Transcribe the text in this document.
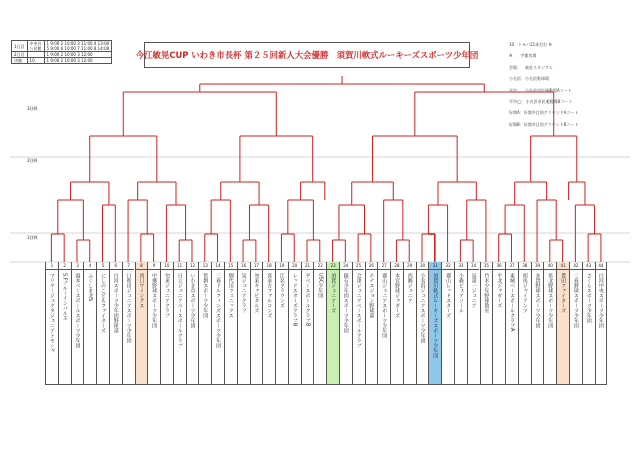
1日目	中央台
公民館	1 9:00 2 10:00 3 11:00 4 13:00
5 9:00 6 10:00 7 11:00 8 14:00
2日目		1 9:00 2 10:00 3 12:00
決勝	10	1 9:00 2 10:00 3 12:00
今江敏晃CUP いわき市長杯 第２５回新人大会優勝　須賀川軟式ルーキーズスポーツ少年団
10：トモバ21本打打 ※
※　：宇都宮場
会場：　東荘スタジアム
小名浜：小名浜野球場
平市：　小名浜市民運動場Aコート
平市◯：小名浜市民運動場Bコート
好間A：好間多目的グラウンドAコート
好間B：好間多目的グラウンドBコート
3回戦
2回戦
1回戦
1
マリヤージェクタジュニアトモシャ
2
S.Fブルーインパルス
3
湯本ベースボールスポーツ少年団
4
ふくしま北S
5
にしのこどもファイターズ
6
白河スポーツ少年団野球部
7
日和田ジュニアスポーツ少年団
8
西口ウイングス
9
中郷野球スポーツ少年団
10
勿来ジュニアクラブ
11
日立ジュニアベースボールクラブ
12
いわき市スポーツ少年団
13
常磐スポーツ少年団
14
三春ドルフィンズスポーツ少年団
15
御代田フェニックス
16
泉ジュニアクラブ
17
勿来キャピタルズ
18
喜多方ファルコンズ
19
江名クラウンズ
20
レッドスターズクラブB
21
平ベースボールクラブB
22
USC少年団
23
須賀ジュニアーズ
24
鏡石少年団スポーツ少年団
25
会津ジュニアベースボールクラブ
26
ホナスジョン野球部
27
郡山ジュニアスポーツ少年団
28
本宮野球ジャガーズ
29
西郷ジュニア
30
小名浜ジュニアスポーツ少年団
31
須賀川軟式ルーキーズスポーツ少年団
32
郡山レッドスターズ
33
小森ピュアソール
34
泉第一ジュニア
35
竹本少年野球教室
36
平北ジャガーズ
37
東城ベースボールクラブA
38
相馬ジャイアンツ
39
多賀野球スポーツ少年団
40
県北野球スポーツ少年団
41
豊田ファイターズ
42
三春野球スポーツ少年団
43
さくらスポーツ少年団
44
白河中央スポーツ少年団
